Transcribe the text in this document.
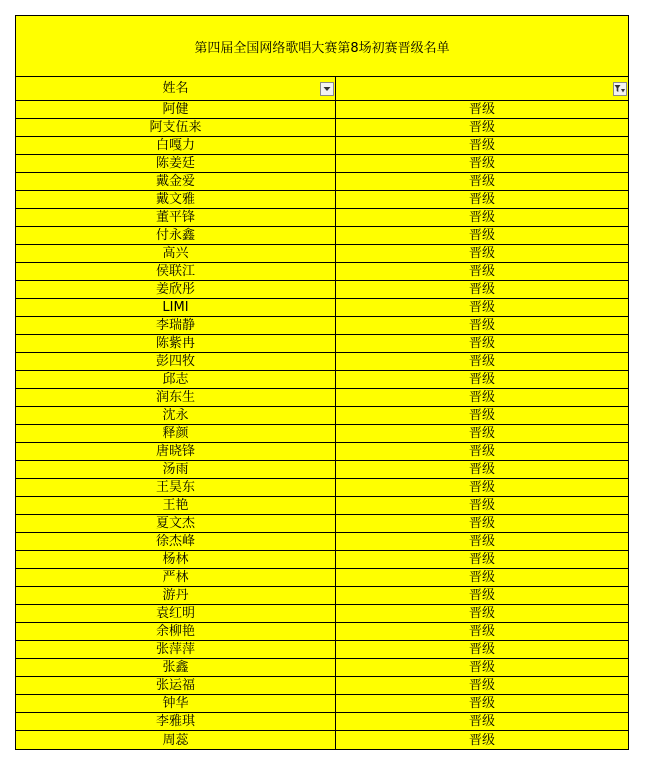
第四届全国网络歌唱大赛第8场初赛晋级名单
姓名
阿健	晋级
阿支伍来	晋级
白嘎力	晋级
陈姜廷	晋级
戴金爱	晋级
戴文雅	晋级
董平锋	晋级
付永鑫	晋级
高兴	晋级
侯联江	晋级
姜欣彤	晋级
LIMI	晋级
李瑞静	晋级
陈紫冉	晋级
彭四牧	晋级
邱志	晋级
润东生	晋级
沈永	晋级
释颜	晋级
唐晓锋	晋级
汤雨	晋级
王昊东	晋级
王艳	晋级
夏文杰	晋级
徐杰峰	晋级
杨林	晋级
严林	晋级
游丹	晋级
袁红明	晋级
余柳艳	晋级
张萍萍	晋级
张鑫	晋级
张运福	晋级
钟华	晋级
李雅琪	晋级
周蕊	晋级
